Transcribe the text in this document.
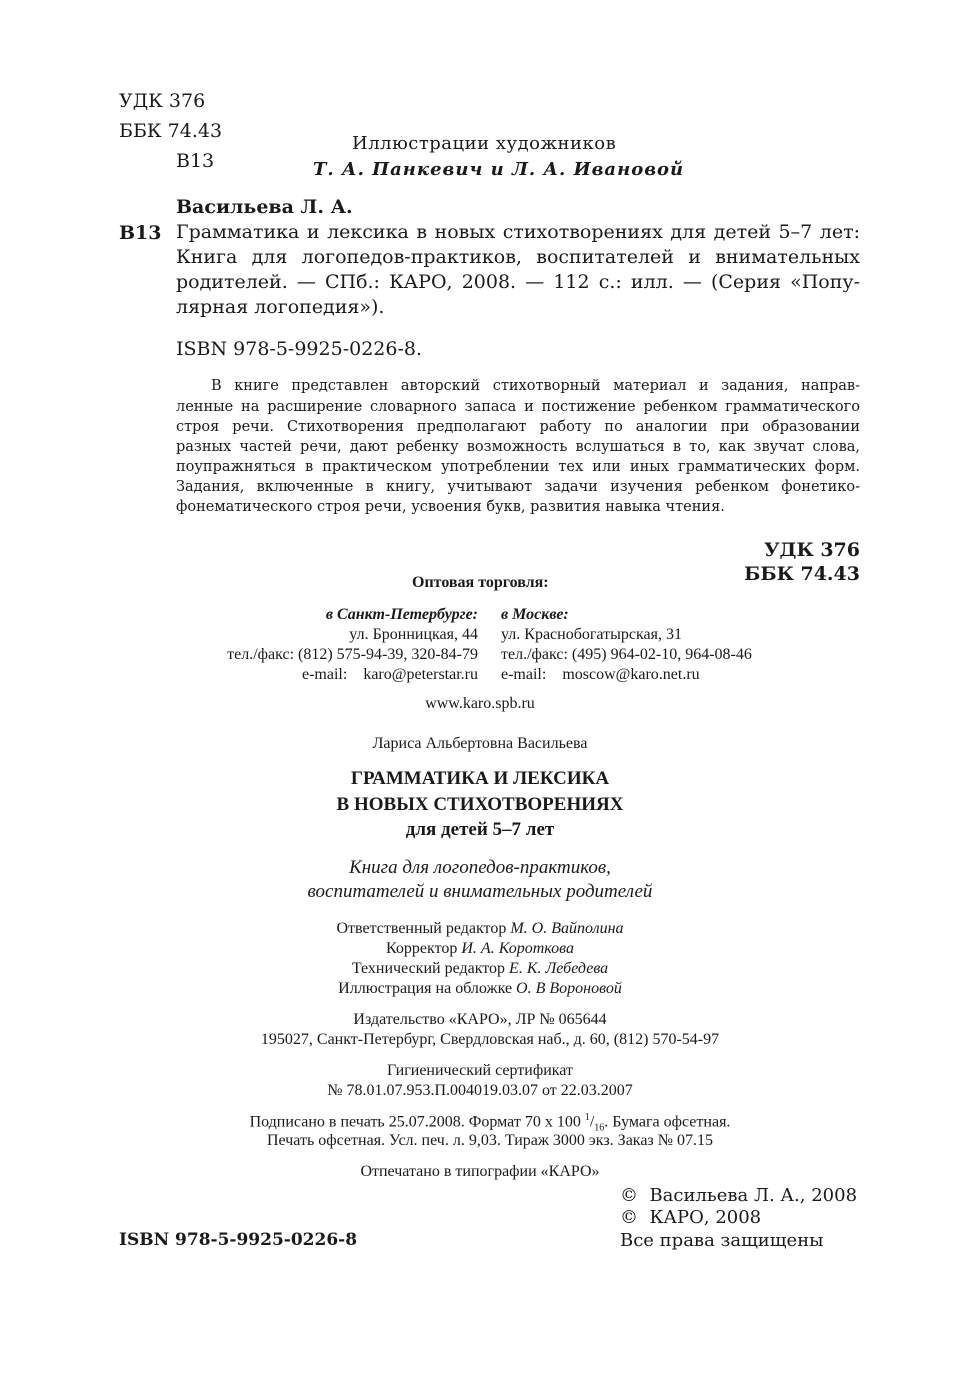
УДК 376
ББК 74.43
В13
Иллюстрации художников
Т. А. Панкевич и Л. А. Ивановой
Васильева Л. А.
В13 Грамматика и лексика в новых стихотворениях для детей 5–7 лет:
Книга для логопедов-практиков, воспитателей и внимательных
родителей. — СПб.: КАРО, 2008. — 112 с.: илл. — (Серия «Попу-
лярная логопедия»).
ISBN 978-5-9925-0226-8.
В книге представлен авторский стихотворный материал и задания, направ-
ленные на расширение словарного запаса и постижение ребенком грамматического
строя речи. Стихотворения предполагают работу по аналогии при образовании
разных частей речи, дают ребенку возможность вслушаться в то, как звучат слова,
поупражняться в практическом употреблении тех или иных грамматических форм.
Задания, включенные в книгу, учитывают задачи изучения ребенком фонетико-
фонематического строя речи, усвоения букв, развития навыка чтения.
УДК 376
ББК 74.43
Оптовая торговля:
в Санкт-Петербурге:
ул. Бронницкая, 44
тел./факс: (812) 575-94-39, 320-84-79
e-mail:    karo@peterstar.ru
в Москве:
ул. Краснобогатырская, 31
тел./факс: (495) 964-02-10, 964-08-46
e-mail:    moscow@karo.net.ru
www.karo.spb.ru
Лариса Альбертовна Васильева
ГРАММАТИКА И ЛЕКСИКА
В НОВЫХ СТИХОТВОРЕНИЯХ
для детей 5–7 лет
Книга для логопедов-практиков,
воспитателей и внимательных родителей
Ответственный редактор М. О. Вайполина
Корректор И. А. Короткова
Технический редактор Е. К. Лебедева
Иллюстрация на обложке О. В Вороновой
Издательство «КАРО», ЛР № 065644
195027, Санкт-Петербург, Свердловская наб., д. 60, (812) 570-54-97
Гигиенический сертификат
№ 78.01.07.953.П.004019.03.07 от 22.03.2007
Подписано в печать 25.07.2008. Формат 70 x 100 $^1/_{16}$. Бумага офсетная.
Печать офсетная. Усл. печ. л. 9,03. Тираж 3000 экз. Заказ № 07.15
Отпечатано в типографии «КАРО»
©  Васильева Л. А., 2008
©  КАРО, 2008
ISBN 978-5-9925-0226-8	Все права защищены
